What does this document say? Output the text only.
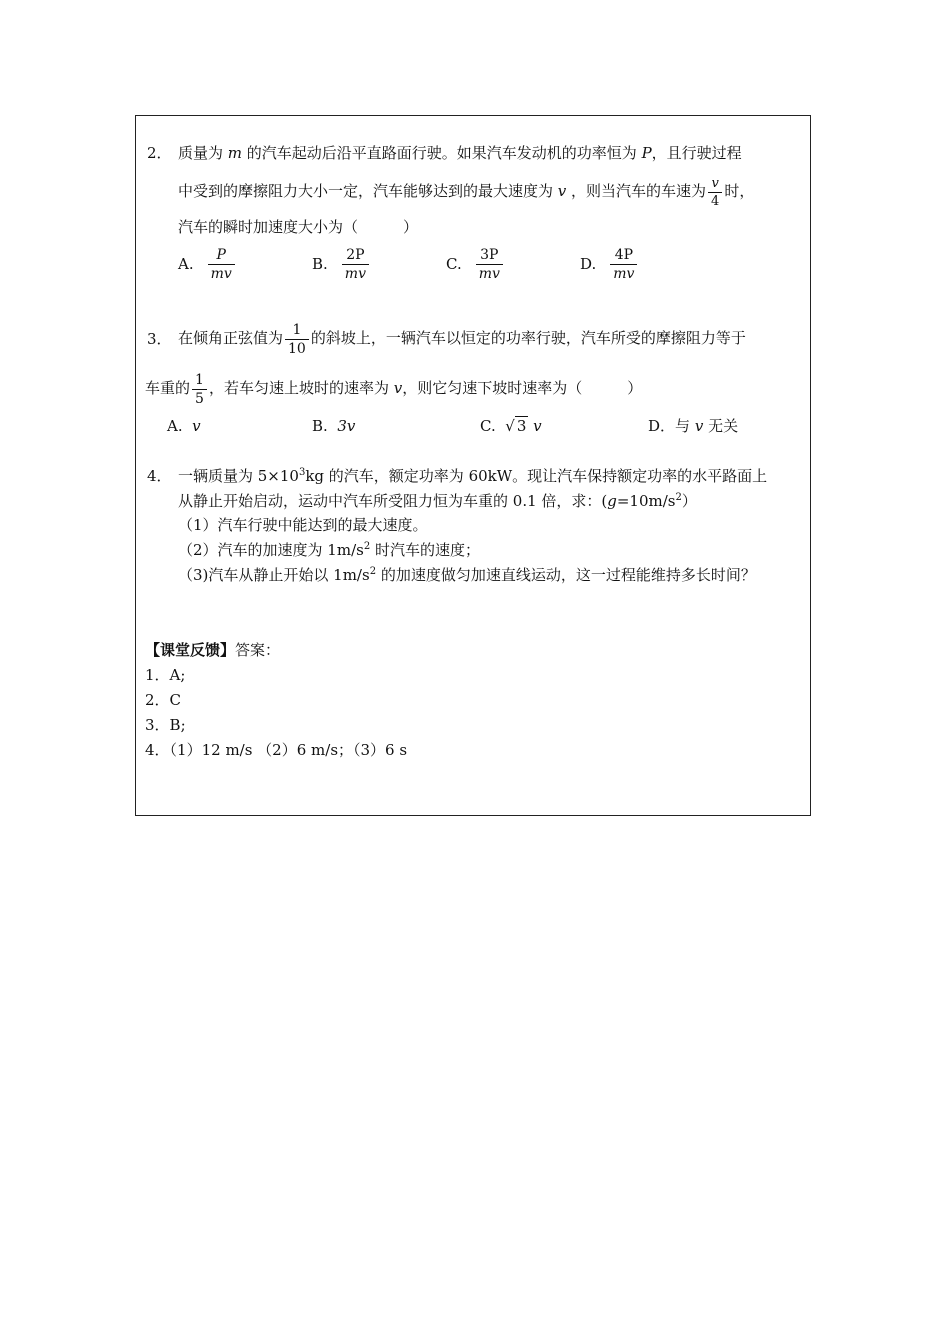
2． 质量为 m 的汽车起动后沿平直路面行驶。如果汽车发动机的功率恒为 P，且行驶过程
中受到的摩擦阻力大小一定，汽车能够达到的最大速度为 v ，则当汽车的车速为 $\frac{v}{4}$ 时，
汽车的瞬时加速度大小为（　　　）
A. $\frac{P}{mv}$	B. $\frac{2P}{mv}$	C. $\frac{3P}{mv}$	D. $\frac{4P}{mv}$
3． 在倾角正弦值为 $\frac{1}{10}$ 的斜坡上，一辆汽车以恒定的功率行驶，汽车所受的摩擦阻力等于
车重的 $\frac{1}{5}$ ，若车匀速上坡时的速率为 v，则它匀速下坡时速率为（　　　）
A. v	B. 3v	C. √ 3 v	D．与 v 无关
4． 一辆质量为 $5\times 10^3kg$ 的汽车，额定功率为 60kW。现让汽车保持额定功率的水平路面上
从静止开始启动，运动中汽车所受阻力恒为车重的 0.1 倍，求：$(g=10m/s^2)$
（1）汽车行驶中能达到的最大速度。
（2）汽车的加速度为 $1m/s^2$ 时汽车的速度；
（3)汽车从静止开始以 $1m/s^2$ 的加速度做匀加速直线运动，这一过程能维持多长时间？
【课堂反馈】答案：
1．A;
2．C
3．B;
4．（1）12 m/s （2）6 m/s；（3）6 s
